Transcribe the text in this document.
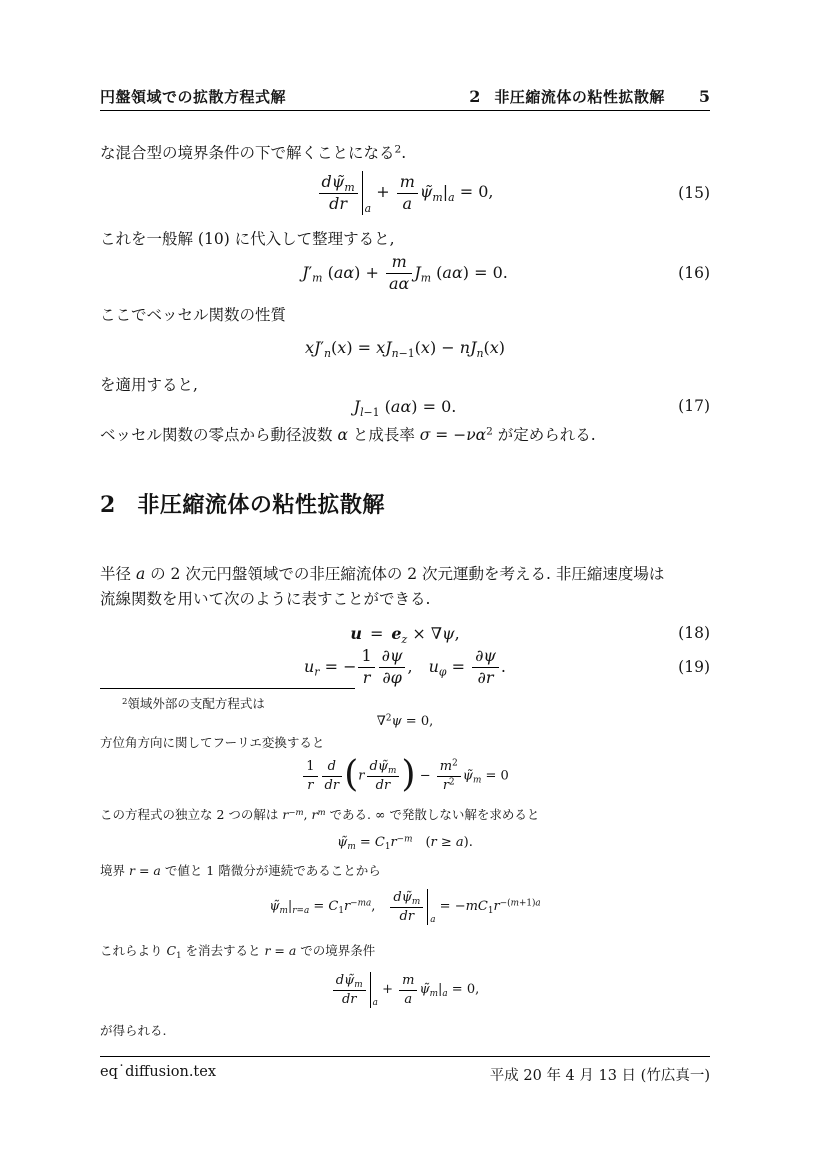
円盤領域での拡散方程式解	2 非圧縮流体の粘性拡散解 5
な混合型の境界条件の下で解くことになる$^2$.
$\frac{d\psĩ_m}{dr}$ a
+ $\frac{m}{a}$ $\psĩ_m|_a = 0$,	(15)
これを一般解 (10) に代入して整理すると,
$J'_m$ $(a\alpha) + \frac{m}{a\alpha} J_m$ (aα) = 0.	(16)
ここでベッセル関数の性質
$xJ'_n(x) = xJ_{n-1}(x) - nJ_n(x)$
を適用すると,
$J_{l-1}$ (aα) = 0.	(17)
ベッセル関数の零点から動径波数 α と成長率 $\sigma = -\nu\alpha^2$ が定められる.
2 非圧縮流体の粘性拡散解
半径 a の 2 次元円盤領域での非圧縮流体の 2 次元運動を考える. 非圧縮速度場は
流線関数を用いて次のように表すことができる.
u = $e_z \times \nabla\psi$,	(18)
$u_r$ = − $\frac{1}{r} \frac{\partial\psi}{\partial\varphi}$ , $u_\varphi = \frac{\partial\psi}{\partial r}$ .	(19)
$^2$領域外部の支配方程式は
∇$^2$ψ = 0,
方位角方向に関してフーリエ変換すると
$\frac{1}{r} \frac{d}{dr} (r \frac{d\psĩ_m}{dr}$ ) − $\frac{m^2}{r^2}$ $\psĩ_m = 0$
この方程式の独立な 2 つの解は $r^{-m}$, $r^m$ である. ∞ で発散しない解を求めると
$\psĩ_m = C_1r^{-m}$ (r ≥ a).
境界 r = a で値と 1 階微分が連続であることから
$\psĩ_m|_{r=a} = C_1r^{-ma}$,  $\frac{d\psĩ_m}{dr}$ a
= $-mC_1r^{-(m+1)a}$
これらより $C_1$ を消去すると r = a での境界条件
$\frac{d\psĩ_m}{dr}$ a
+ $\frac{m}{a}$ $\psĩ_m|_a = 0$,
が得られる.
eq˙diffusion.tex	平成 20 年 4 月 13 日 (竹広真一)
